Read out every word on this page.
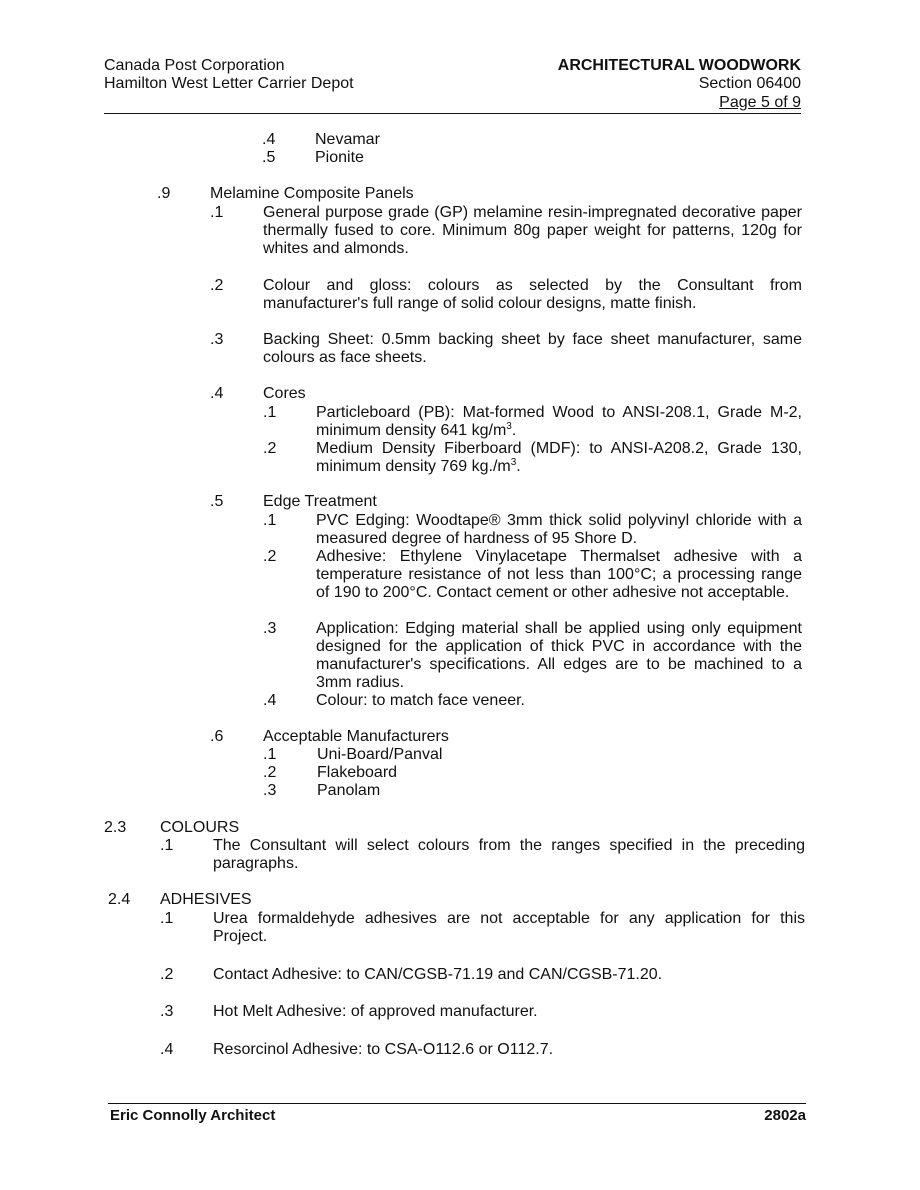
Canada Post Corporation
Hamilton West Letter Carrier Depot
ARCHITECTURAL WOODWORK
Section 06400
Page 5 of 9
.4 Nevamar
.5 Pionite
.9 Melamine Composite Panels
.1 General purpose grade (GP) melamine resin-impregnated decorative paper thermally fused to core. Minimum 80g paper weight for patterns, 120g for whites and almonds.
.2 Colour and gloss: colours as selected by the Consultant from manufacturer's full range of solid colour designs, matte finish.
.3 Backing Sheet: 0.5mm backing sheet by face sheet manufacturer, same colours as face sheets.
.4 Cores
.1 Particleboard (PB): Mat-formed Wood to ANSI-208.1, Grade M-2, minimum density 641 $kg/m^3$.
.2 Medium Density Fiberboard (MDF): to ANSI-A208.2, Grade 130, minimum density 769 $kg./m^3$.
.5 Edge Treatment
.1 PVC Edging: Woodtape® 3mm thick solid polyvinyl chloride with a measured degree of hardness of 95 Shore D.
.2 Adhesive: Ethylene Vinylacetape Thermalset adhesive with a temperature resistance of not less than 100°C; a processing range of 190 to 200°C. Contact cement or other adhesive not acceptable.
.3 Application: Edging material shall be applied using only equipment designed for the application of thick PVC in accordance with the manufacturer's specifications. All edges are to be machined to a 3mm radius.
.4 Colour: to match face veneer.
.6 Acceptable Manufacturers
.1	Uni-Board/Panval
.2	Flakeboard
.3	Panolam
2.3 COLOURS
.1 The Consultant will select colours from the ranges specified in the preceding paragraphs.
2.4 ADHESIVES
.1 Urea formaldehyde adhesives are not acceptable for any application for this Project.
.2 Contact Adhesive: to CAN/CGSB-71.19 and CAN/CGSB-71.20.
.3 Hot Melt Adhesive: of approved manufacturer.
.4 Resorcinol Adhesive: to CSA-O112.6 or O112.7.
Eric Connolly Architect	2802a
